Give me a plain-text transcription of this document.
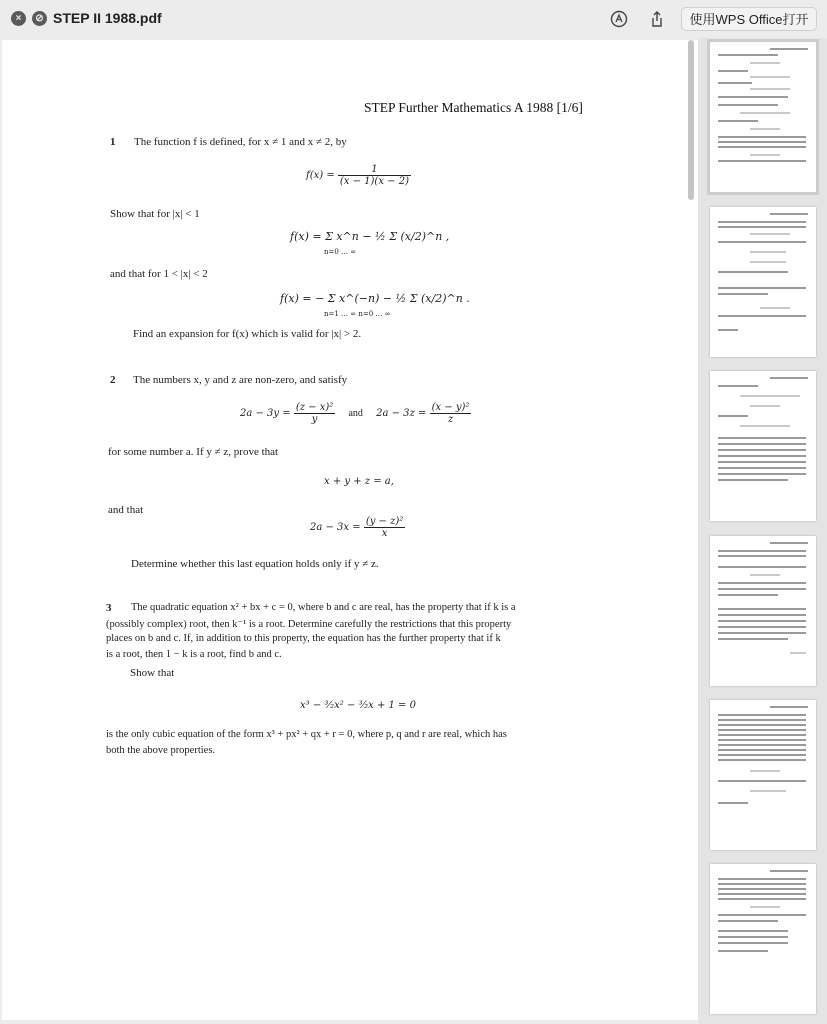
×	⊘ STEP II 1988.pdf	使用WPS Office打开
STEP Further Mathematics A 1988 [1/6]
1 The function f is defined, for x ≠ 1 and x ≠ 2, by
$f(x) = \frac{1}{(x - 1)(x - 2)}$
Show that for |x| < 1
f(x) = Σ x^n − ½ Σ (x/2)^n ,
n=0 … ∞
and that for 1 < |x| < 2
f(x) = − Σ x^(−n) − ½ Σ (x/2)^n .
n=1 … ∞ n=0 … ∞
Find an expansion for f(x) which is valid for |x| > 2.
2 The numbers x, y and z are non-zero, and satisfy
$2a - 3y = \frac{\text{(z − x)²}}{y}$ and $2a - 3z = \frac{\text{(x − y)²}}{z}$
for some number a. If y ≠ z, prove that
x + y + z = a,
and that
$2a - 3x = \frac{\text{(y − z)²}}{x}$
Determine whether this last equation holds only if y ≠ z.
3 The quadratic equation x² + bx + c = 0, where b and c are real, has the property that if k is a
(possibly complex) root, then k⁻¹ is a root. Determine carefully the restrictions that this property
places on b and c. If, in addition to this property, the equation has the further property that if k
is a root, then 1 − k is a root, find b and c.
Show that
x³ − ³⁄₂x² − ³⁄₂x + 1 = 0
is the only cubic equation of the form x³ + px² + qx + r = 0, where p, q and r are real, which has
both the above properties.
